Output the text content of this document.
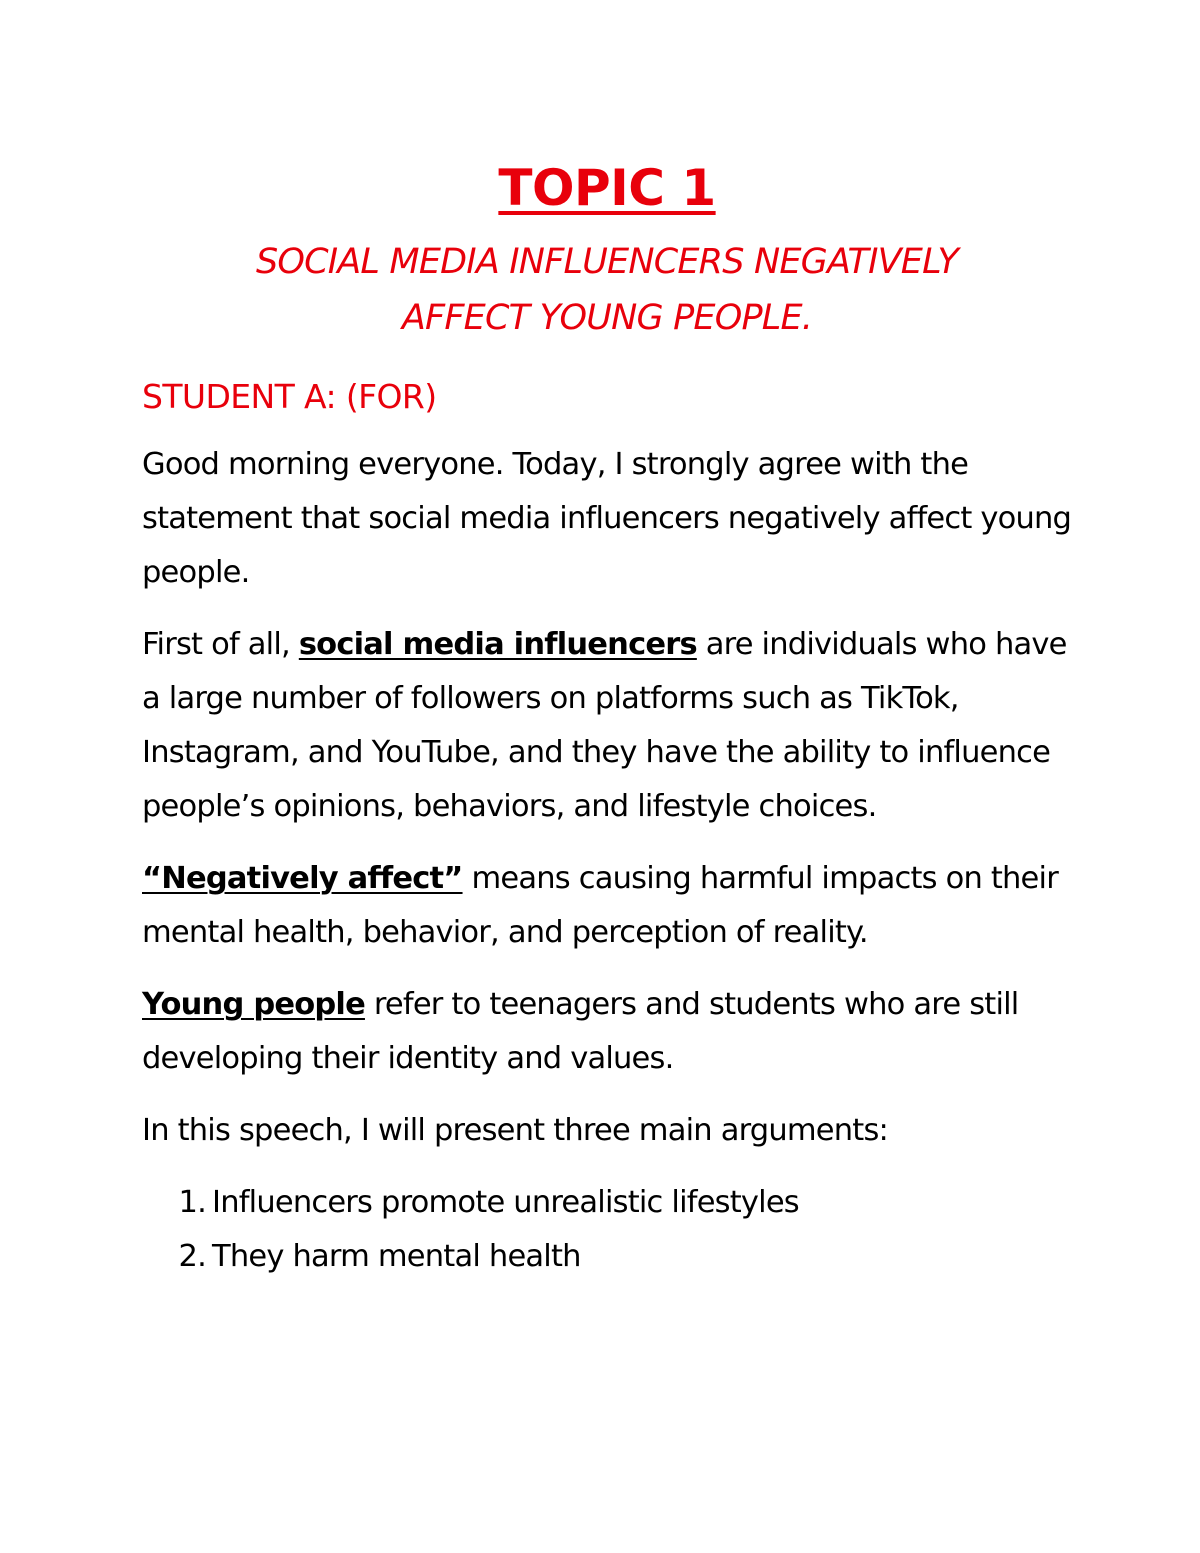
TOPIC 1
SOCIAL MEDIA INFLUENCERS NEGATIVELY
AFFECT YOUNG PEOPLE.
STUDENT A: (FOR)

Good morning everyone. Today, I strongly agree with the statement that social media influencers negatively affect young people.

First of all, social media influencers are individuals who have a large number of followers on platforms such as TikTok, Instagram, and YouTube, and they have the ability to influence people’s opinions, behaviors, and lifestyle choices.

“Negatively affect” means causing harmful impacts on their mental health, behavior, and perception of reality.

Young people refer to teenagers and students who are still developing their identity and values.

In this speech, I will present three main arguments:

1. Influencers promote unrealistic lifestyles
2. They harm mental health
